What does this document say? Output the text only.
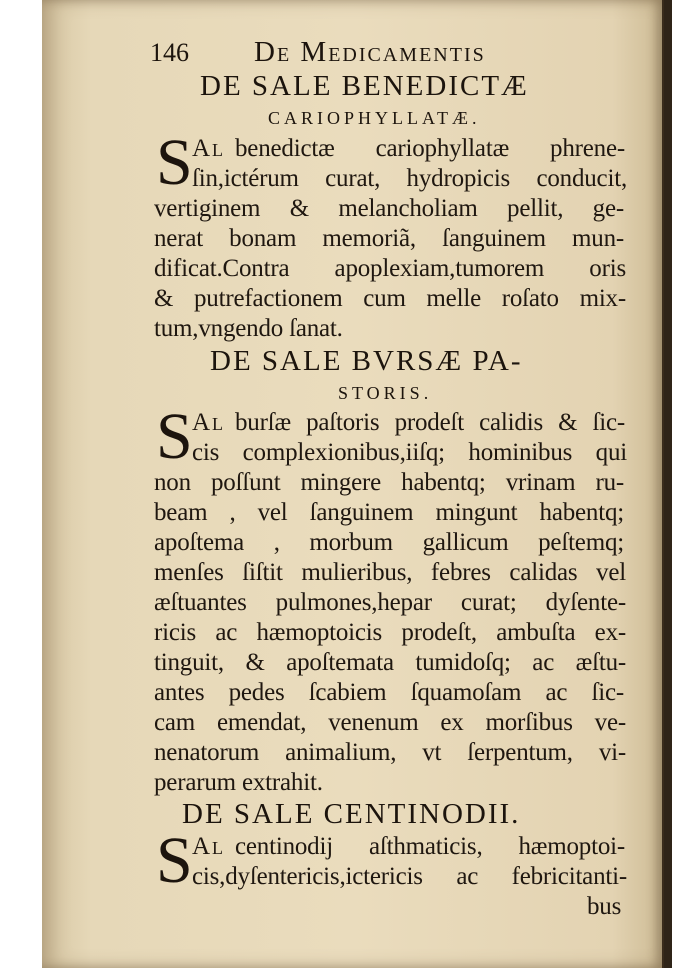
146 De Medicamentis
DE SALE BENEDICTÆ
CARIOPHYLLATÆ.
S Al benedictæ cariophyllatæ phrene-
ſin,ictérum curat, hydropicis conducit,
vertiginem & melancholiam pellit, ge-
nerat bonam memoriã, ſanguinem mun-
dificat.Contra apoplexiam,tumorem oris
& putrefactionem cum melle roſato mix-
tum,vngendo ſanat.
DE SALE BVRSÆ PA-
STORIS.
S Al burſæ paſtoris prodeſt calidis & ſic-
cis complexionibus,iiſq; hominibus qui
non poſſunt mingere habentq; vrinam ru-
beam , vel ſanguinem mingunt habentq;
apoſtema , morbum gallicum peſtemq;
menſes ſiſtit mulieribus, febres calidas vel
æſtuantes pulmones,hepar curat; dyſente-
ricis ac hæmoptoicis prodeſt, ambuſta ex-
tinguit, & apoſtemata tumidoſq; ac æſtu-
antes pedes ſcabiem ſquamoſam ac ſic-
cam emendat, venenum ex morſibus ve-
nenatorum animalium, vt ſerpentum, vi-
perarum extrahit.
DE SALE CENTINODII.
S Al centinodij aſthmaticis, hæmoptoi-
cis,dyſentericis,ictericis ac febricitanti-
bus
